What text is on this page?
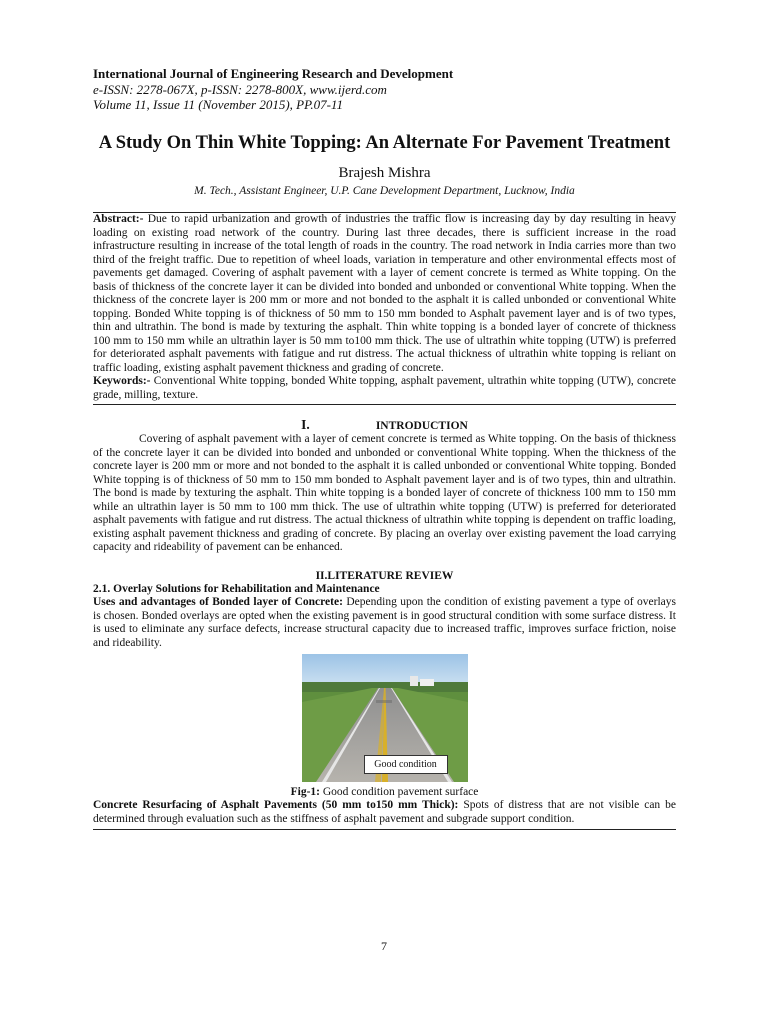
International Journal of Engineering Research and Development
e-ISSN: 2278-067X, p-ISSN: 2278-800X, www.ijerd.com
Volume 11, Issue 11 (November 2015), PP.07-11
A Study On Thin White Topping: An Alternate For Pavement Treatment
Brajesh Mishra
M. Tech., Assistant Engineer, U.P. Cane Development Department, Lucknow, India

Abstract:- Due to rapid urbanization and growth of industries the traffic flow is increasing day by day resulting in heavy loading on existing road network of the country. During last three decades, there is sufficient increase in the road infrastructure resulting in increase of the total length of roads in the country. The road network in India carries more than two third of the freight traffic. Due to repetition of wheel loads, variation in temperature and other environmental effects most of pavements get damaged. Covering of asphalt pavement with a layer of cement concrete is termed as White topping. On the basis of thickness of the concrete layer it can be divided into bonded and unbonded or conventional White topping. When the thickness of the concrete layer is 200 mm or more and not bonded to the asphalt it is called unbonded or conventional White topping. Bonded White topping is of thickness of 50 mm to 150 mm bonded to Asphalt pavement layer and is of two types, thin and ultrathin. The bond is made by texturing the asphalt. Thin white topping is a bonded layer of concrete of thickness 100 mm to 150 mm while an ultrathin layer is 50 mm to100 mm thick. The use of ultrathin white topping (UTW) is preferred for deteriorated asphalt pavements with fatigue and rut distress. The actual thickness of ultrathin white topping is reliant on traffic loading, existing asphalt pavement thickness and grading of concrete.

Keywords:- Conventional White topping, bonded White topping, asphalt pavement, ultrathin white topping (UTW), concrete grade, milling, texture.

I.	INTRODUCTION

Covering of asphalt pavement with a layer of cement concrete is termed as White topping. On the basis of thickness of the concrete layer it can be divided into bonded and unbonded or conventional White topping. When the thickness of the concrete layer is 200 mm or more and not bonded to the asphalt it is called unbonded or conventional White topping. Bonded White topping is of thickness of 50 mm to 150 mm bonded to Asphalt pavement layer and is of two types, thin and ultrathin. The bond is made by texturing the asphalt. Thin white topping is a bonded layer of concrete of thickness 100 mm to 150 mm while an ultrathin layer is 50 mm to 100 mm thick. The use of ultrathin white topping (UTW) is preferred for deteriorated asphalt pavements with fatigue and rut distress. The actual thickness of ultrathin white topping is dependent on traffic loading, existing asphalt pavement thickness and grading of concrete. By placing an overlay over existing pavement the load carrying capacity and rideability of pavement can be enhanced.

II.LITERATURE REVIEW
2.1. Overlay Solutions for Rehabilitation and Maintenance

Uses and advantages of Bonded layer of Concrete: Depending upon the condition of existing pavement a type of overlays is chosen. Bonded overlays are opted when the existing pavement is in good structural condition with some surface distress. It is used to eliminate any surface defects, increase structural capacity due to increased traffic, improves surface friction, noise and rideability.

Good condition
Fig-1: Good condition pavement surface

Concrete Resurfacing of Asphalt Pavements (50 mm to150 mm Thick): Spots of distress that are not visible can be determined through evaluation such as the stiffness of asphalt pavement and subgrade support condition.

7
